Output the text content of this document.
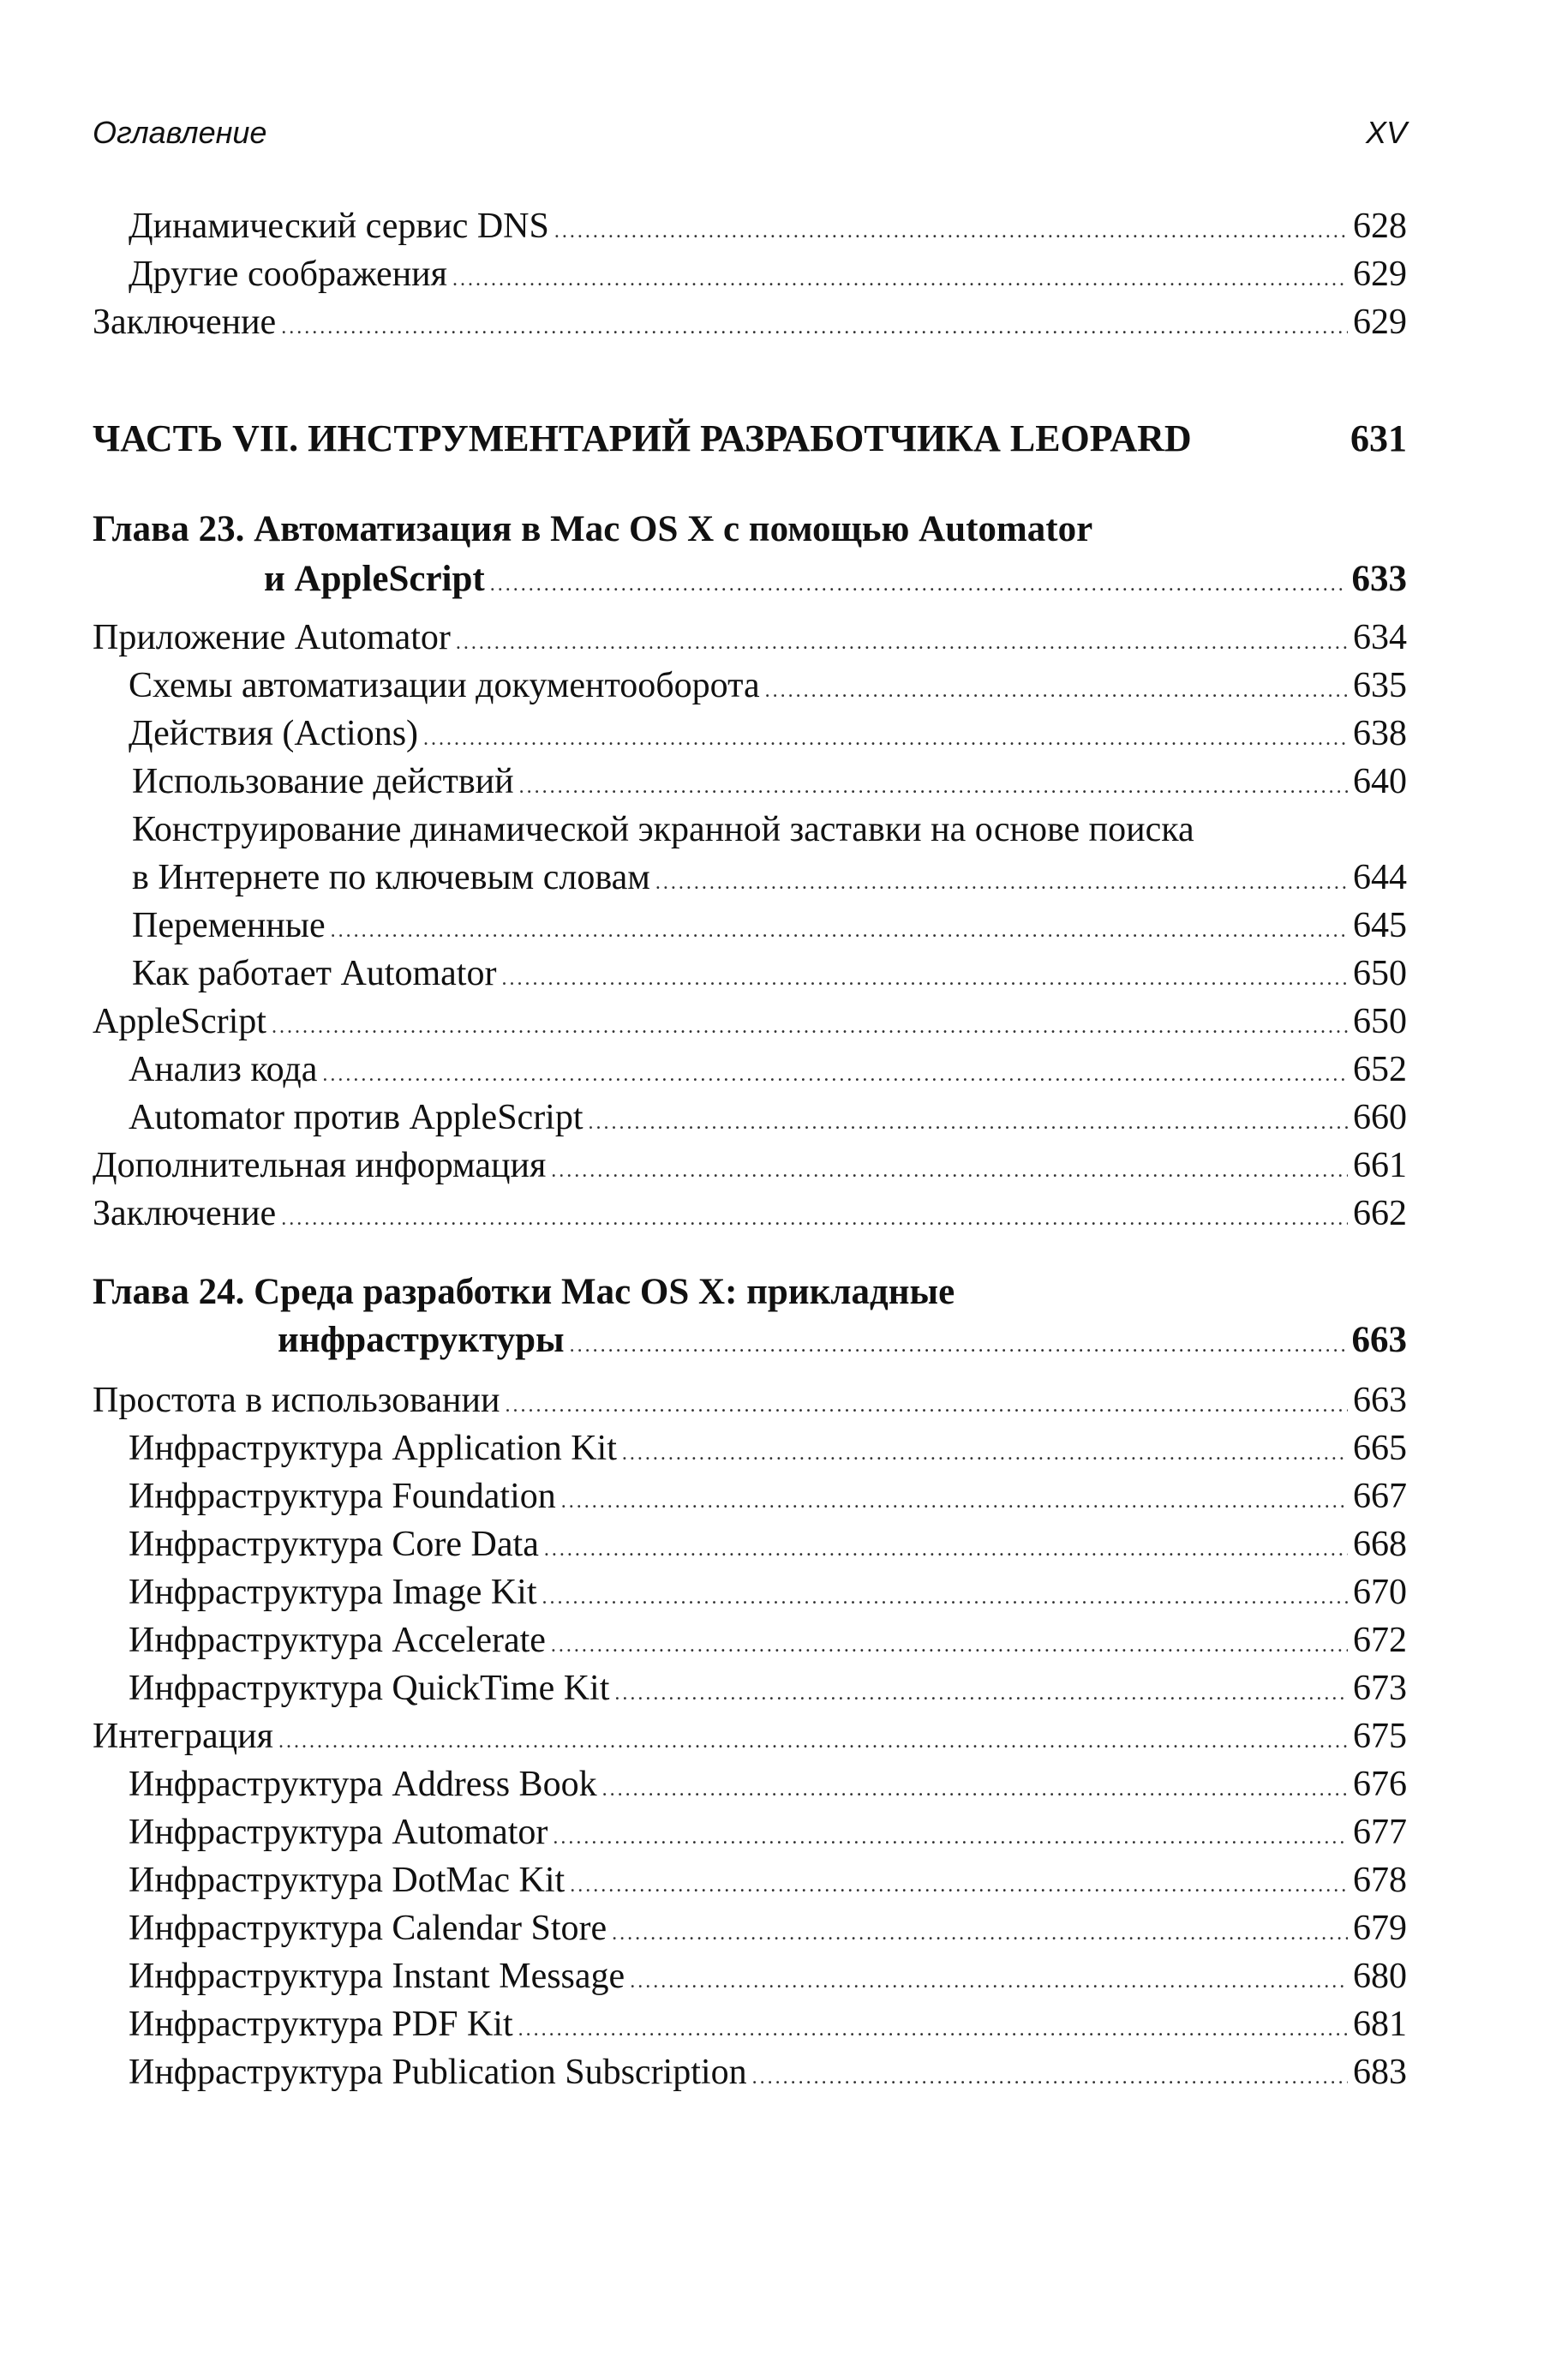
Оглавление	XV
Динамический сервис DNS .....	628
Другие соображения .....	629
Заключение .....	629
ЧАСТЬ VII. ИНСТРУМЕНТАРИЙ РАЗРАБОТЧИКА LEOPARD	631
Глава 23. Автоматизация в Mac OS X с помощью Automator
и AppleScript .....	633
Приложение Automator .....	634
Схемы автоматизации документооборота .....	635
Действия (Actions) .....	638
Использование действий .....	640
Конструирование динамической экранной заставки на основе поиска
в Интернете по ключевым словам .....	644
Переменные .....	645
Как работает Automator .....	650
AppleScript .....	650
Анализ кода .....	652
Automator против AppleScript .....	660
Дополнительная информация .....	661
Заключение .....	662
Глава 24. Среда разработки Mac OS X: прикладные
инфраструктуры .....	663
Простота в использовании .....	663
Инфраструктура Application Kit .....	665
Инфраструктура Foundation .....	667
Инфраструктура Core Data .....	668
Инфраструктура Image Kit .....	670
Инфраструктура Accelerate .....	672
Инфраструктура QuickTime Kit .....	673
Интеграция .....	675
Инфраструктура Address Book .....	676
Инфраструктура Automator .....	677
Инфраструктура DotMac Kit .....	678
Инфраструктура Calendar Store .....	679
Инфраструктура Instant Message .....	680
Инфраструктура PDF Kit .....	681
Инфраструктура Publication Subscription .....	683
